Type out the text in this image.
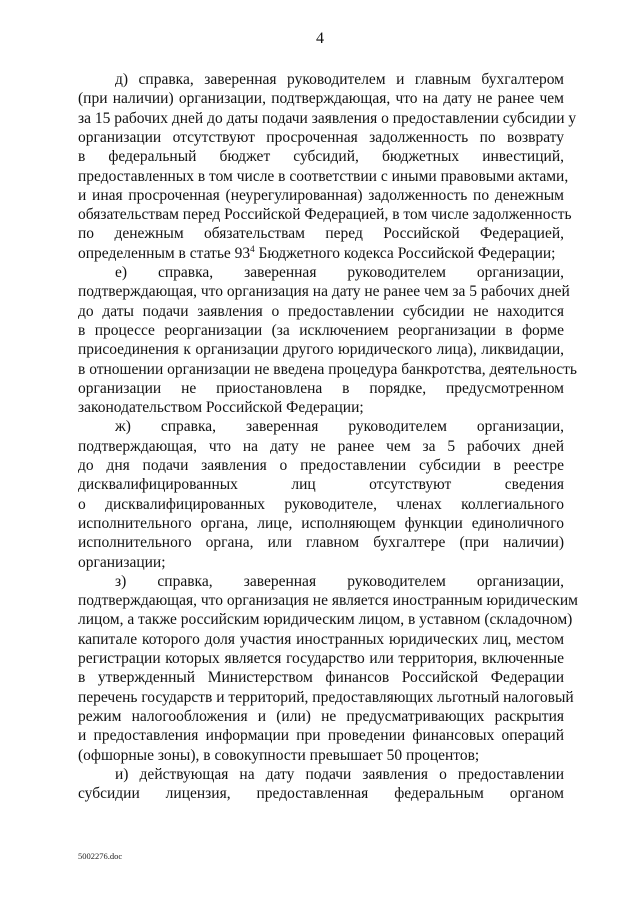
4
д) справка, заверенная руководителем и главным бухгалтером
(при наличии) организации, подтверждающая, что на дату не ранее чем
за 15 рабочих дней до даты подачи заявления о предоставлении субсидии у
организации отсутствуют просроченная задолженность по возврату
в федеральный бюджет субсидий, бюджетных инвестиций,
предоставленных в том числе в соответствии с иными правовыми актами,
и иная просроченная (неурегулированная) задолженность по денежным
обязательствам перед Российской Федерацией, в том числе задолженность
по денежным обязательствам перед Российской Федерацией,
определенным в статье $93^4$ Бюджетного кодекса Российской Федерации;
е) справка, заверенная руководителем организации,
подтверждающая, что организация на дату не ранее чем за 5 рабочих дней
до даты подачи заявления о предоставлении субсидии не находится
в процессе реорганизации (за исключением реорганизации в форме
присоединения к организации другого юридического лица), ликвидации,
в отношении организации не введена процедура банкротства, деятельность
организации не приостановлена в порядке, предусмотренном
законодательством Российской Федерации;
ж) справка, заверенная руководителем организации,
подтверждающая, что на дату не ранее чем за 5 рабочих дней
до дня подачи заявления о предоставлении субсидии в реестре
дисквалифицированных лиц отсутствуют сведения
о дисквалифицированных руководителе, членах коллегиального
исполнительного органа, лице, исполняющем функции единоличного
исполнительного органа, или главном бухгалтере (при наличии)
организации;
з) справка, заверенная руководителем организации,
подтверждающая, что организация не является иностранным юридическим
лицом, а также российским юридическим лицом, в уставном (складочном)
капитале которого доля участия иностранных юридических лиц, местом
регистрации которых является государство или территория, включенные
в утвержденный Министерством финансов Российской Федерации
перечень государств и территорий, предоставляющих льготный налоговый
режим налогообложения и (или) не предусматривающих раскрытия
и предоставления информации при проведении финансовых операций
(офшорные зоны), в совокупности превышает 50 процентов;
и) действующая на дату подачи заявления о предоставлении
субсидии лицензия, предоставленная федеральным органом
5002276.doc
